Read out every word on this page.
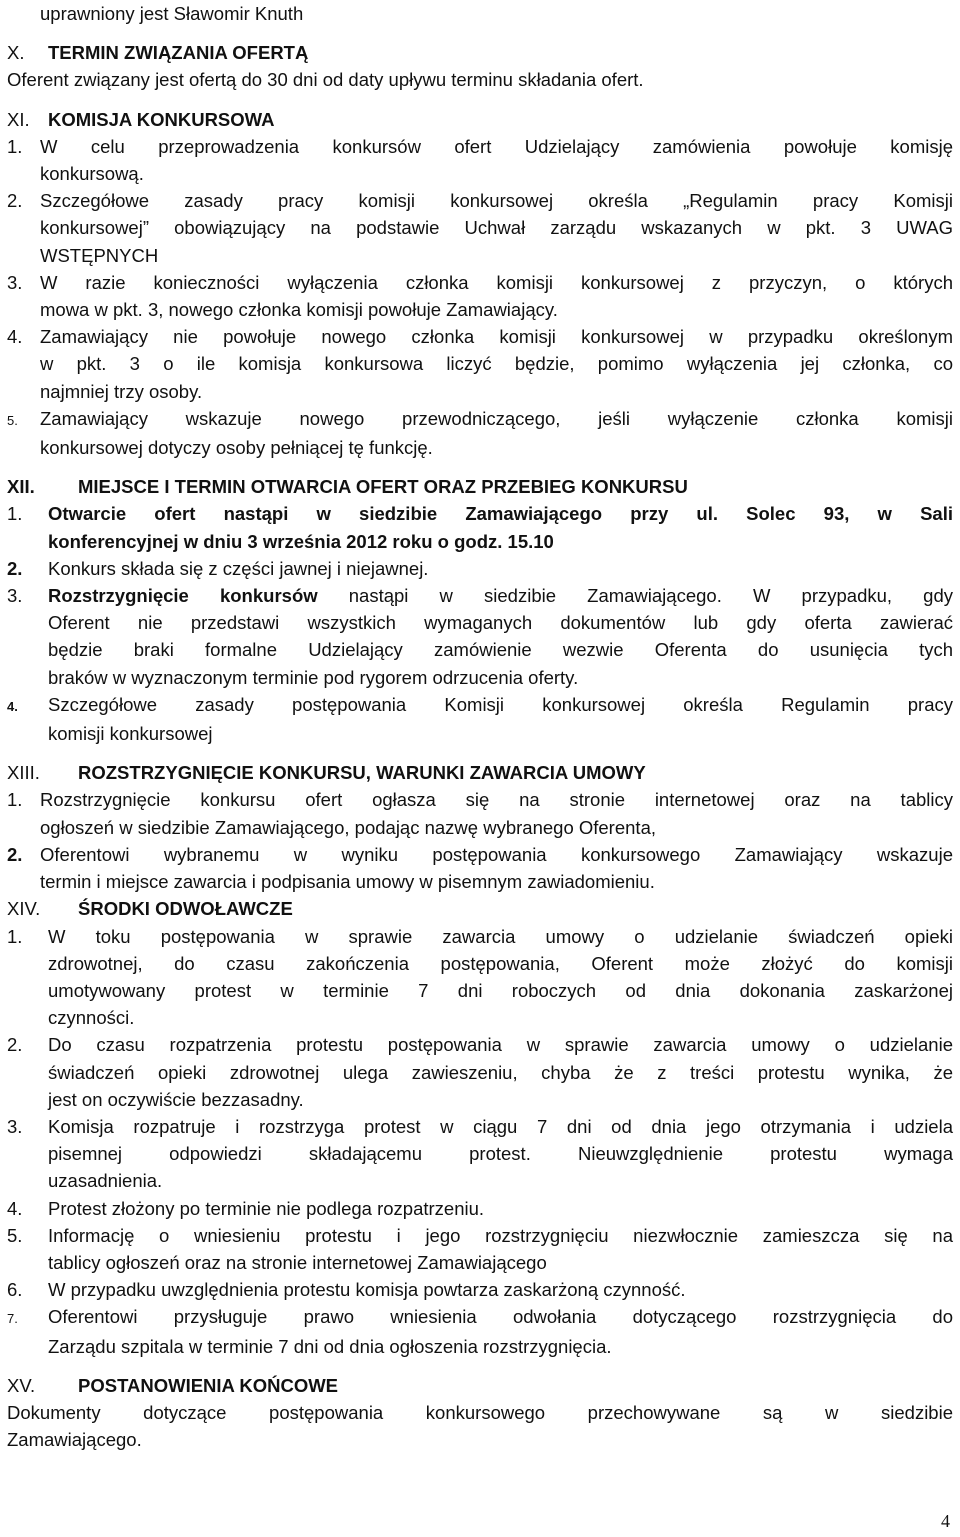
uprawniony jest Sławomir Knuth
X. TERMIN ZWIĄZANIA OFERTĄ
Oferent związany jest ofertą do 30 dni od daty upływu terminu składania ofert.
XI. KOMISJA KONKURSOWA
1. W celu przeprowadzenia konkursów ofert Udzielający zamówienia powołuje komisję
konkursową.
2. Szczegółowe zasady pracy komisji konkursowej określa „Regulamin pracy Komisji
konkursowej” obowiązujący na podstawie Uchwał zarządu wskazanych w pkt. 3 UWAG
WSTĘPNYCH
3. W razie konieczności wyłączenia członka komisji konkursowej z przyczyn, o których
mowa w pkt. 3, nowego członka komisji powołuje Zamawiający.
4. Zamawiający nie powołuje nowego członka komisji konkursowej w przypadku określonym
w pkt. 3 o ile komisja konkursowa liczyć będzie, pomimo wyłączenia jej członka, co
najmniej trzy osoby.
5. Zamawiający wskazuje nowego przewodniczącego, jeśli wyłączenie członka komisji
konkursowej dotyczy osoby pełniącej tę funkcję.
XII. MIEJSCE I TERMIN OTWARCIA OFERT ORAZ PRZEBIEG KONKURSU
1. Otwarcie ofert nastąpi w siedzibie Zamawiającego przy ul. Solec 93, w Sali
konferencyjnej w dniu 3 września 2012 roku o godz. 15.10
2. Konkurs składa się z części jawnej i niejawnej.
3. Rozstrzygnięcie konkursów nastąpi w siedzibie Zamawiającego. W przypadku, gdy
Oferent nie przedstawi wszystkich wymaganych dokumentów lub gdy oferta zawierać
będzie braki formalne Udzielający zamówienie wezwie Oferenta do usunięcia tych
braków w wyznaczonym terminie pod rygorem odrzucenia oferty.
4. Szczegółowe zasady postępowania Komisji konkursowej określa Regulamin pracy
komisji konkursowej
XIII. ROZSTRZYGNIĘCIE KONKURSU, WARUNKI ZAWARCIA UMOWY
1. Rozstrzygnięcie konkursu ofert ogłasza się na stronie internetowej oraz na tablicy
ogłoszeń w siedzibie Zamawiającego, podając nazwę wybranego Oferenta,
2. Oferentowi wybranemu w wyniku postępowania konkursowego Zamawiający wskazuje
termin i miejsce zawarcia i podpisania umowy w pisemnym zawiadomieniu.
XIV. ŚRODKI ODWOŁAWCZE
1. W toku postępowania w sprawie zawarcia umowy o udzielanie świadczeń opieki
zdrowotnej, do czasu zakończenia postępowania, Oferent może złożyć do komisji
umotywowany protest w terminie 7 dni roboczych od dnia dokonania zaskarżonej
czynności.
2. Do czasu rozpatrzenia protestu postępowania w sprawie zawarcia umowy o udzielanie
świadczeń opieki zdrowotnej ulega zawieszeniu, chyba że z treści protestu wynika, że
jest on oczywiście bezzasadny.
3. Komisja rozpatruje i rozstrzyga protest w ciągu 7 dni od dnia jego otrzymania i udziela
pisemnej odpowiedzi składającemu protest. Nieuwzględnienie protestu wymaga
uzasadnienia.
4. Protest złożony po terminie nie podlega rozpatrzeniu.
5. Informację o wniesieniu protestu i jego rozstrzygnięciu niezwłocznie zamieszcza się na
tablicy ogłoszeń oraz na stronie internetowej Zamawiającego
6. W przypadku uwzględnienia protestu komisja powtarza zaskarżoną czynność.
7. Oferentowi przysługuje prawo wniesienia odwołania dotyczącego rozstrzygnięcia do
Zarządu szpitala w terminie 7 dni od dnia ogłoszenia rozstrzygnięcia.
XV. POSTANOWIENIA KOŃCOWE
Dokumenty dotyczące postępowania konkursowego przechowywane są w siedzibie
Zamawiającego.
4
